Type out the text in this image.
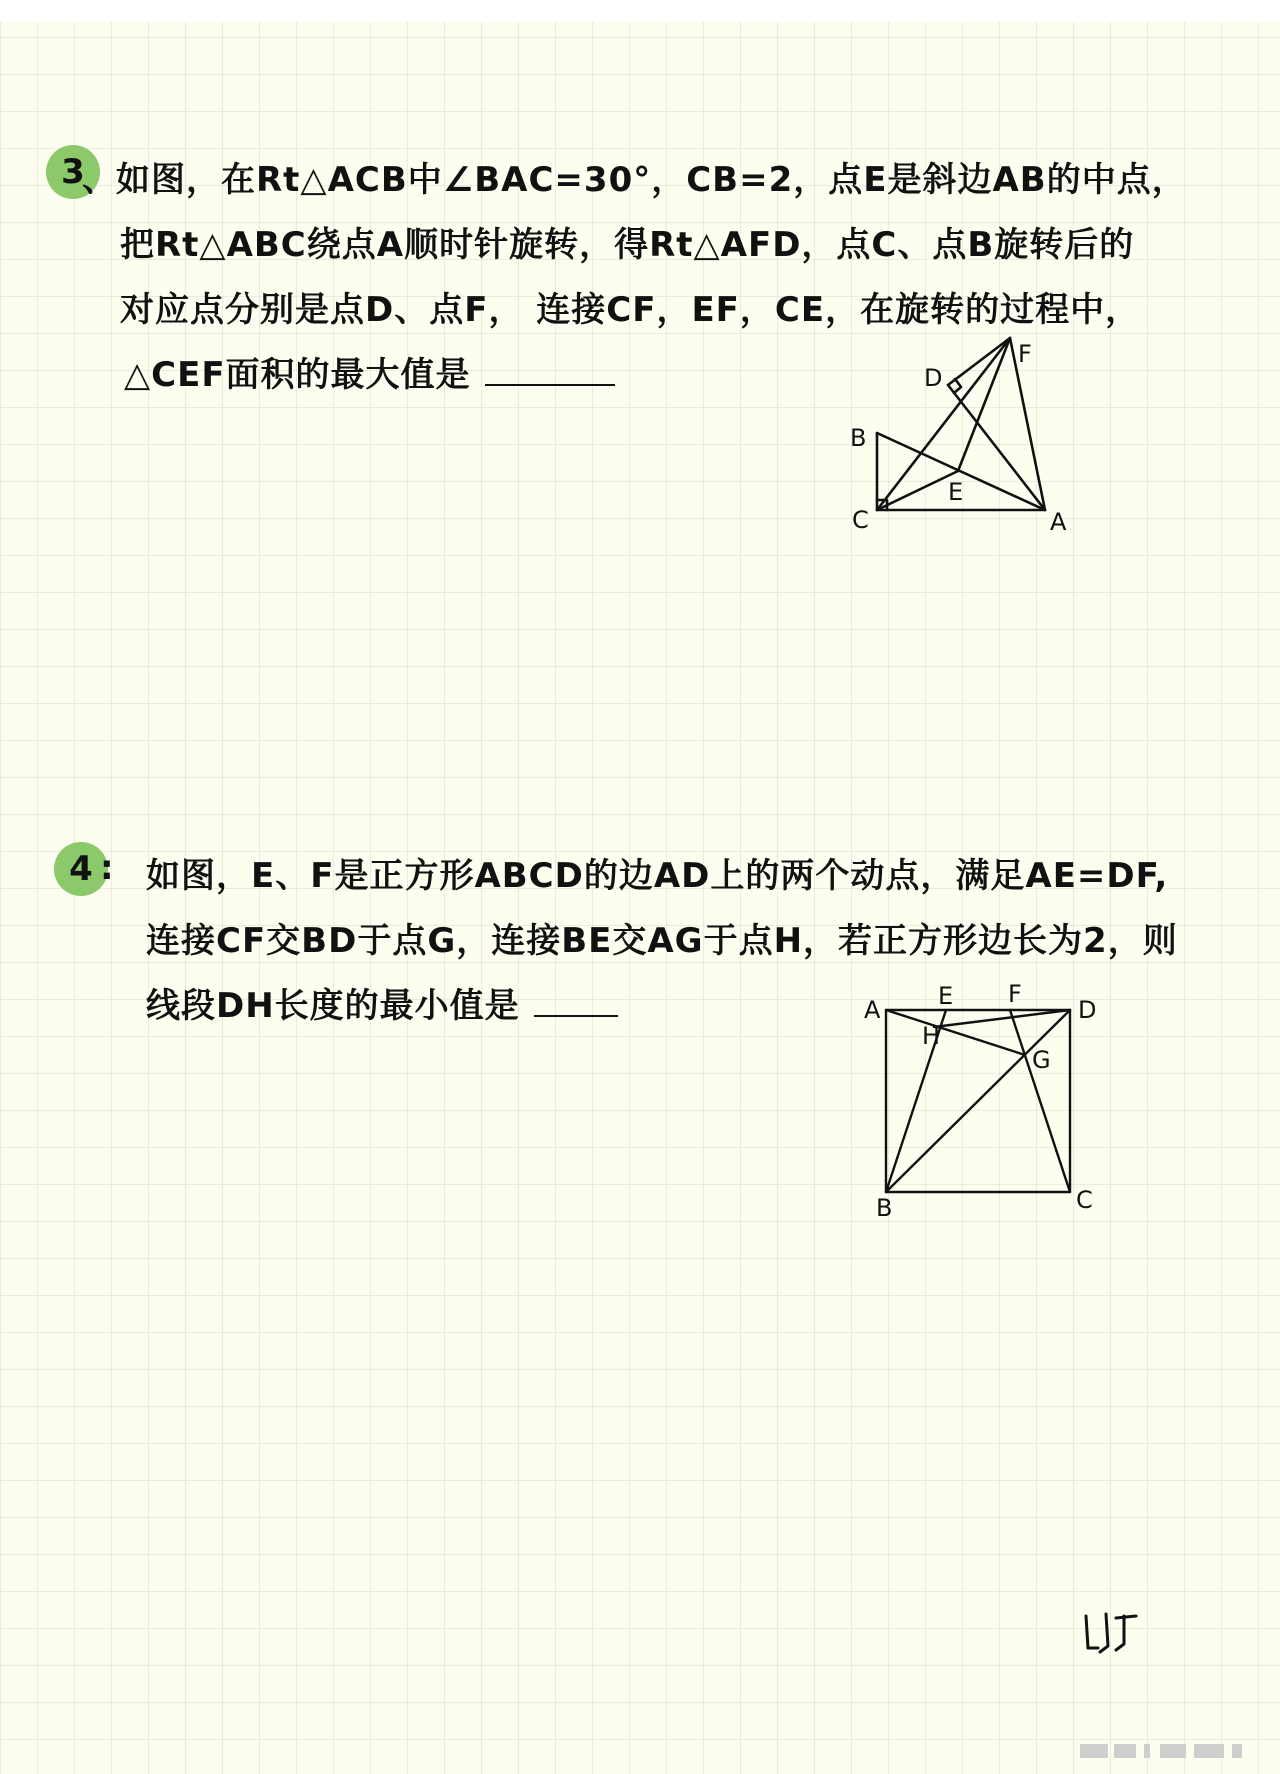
3
、 如图，在Rt△ACB中∠BAC=30°，CB=2，点E是斜边AB的中点，
把Rt△ABC绕点A顺时针旋转，得Rt△AFD，点C、点B旋转后的
对应点分别是点D、点F， 连接CF，EF，CE，在旋转的过程中，
△CEF面积的最大值是	D
F
B
E
C	A
4 : 如图，E、F是正方形ABCD的边AD上的两个动点，满足AE=DF,
连接CF交BD于点G，连接BE交AG于点H，若正方形边长为2，则
线段DH长度的最小值是	A E F
D
H
G
B	C
